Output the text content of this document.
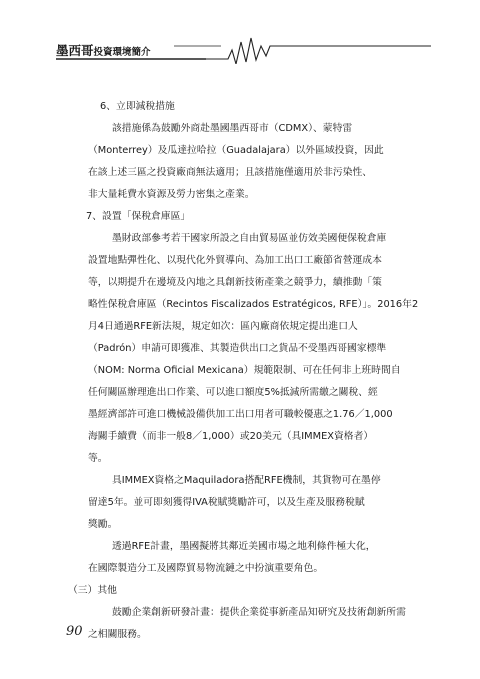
墨西哥投資環境簡介
6、立即減稅措施
該措施係為鼓勵外商赴墨國墨西哥市（CDMX）、蒙特雷
（Monterrey）及瓜達拉哈拉（Guadalajara）以外區域投資，因此
在該上述三區之投資廠商無法適用；且該措施僅適用於非污染性、
非大量耗費水資源及勞力密集之產業。
7、設置「保稅倉庫區」
墨財政部參考若干國家所設之自由貿易區並仿效美國便保稅倉庫
設置地點彈性化、以現代化外貿導向、為加工出口工廠節省營運成本
等，以期提升在邊境及內地之具創新技術產業之競爭力，續推動「策
略性保稅倉庫區（Recintos Fiscalizados Estratégicos, RFE）」。2016年2
月4日通過RFE新法規，規定如次：區內廠商依規定提出進口人
（Padrón）申請可即獲准、其製造供出口之貨品不受墨西哥國家標準
（NOM: Norma Oficial Mexicana）規範限制、可在任何非上班時間自
任何關區辦理進出口作業、可以進口額度5%抵減所需繳之關稅、經
墨經濟部許可進口機械設備供加工出口用者可職較優惠之1.76／1,000
海關手續費（而非一般8／1,000）或20美元（具IMMEX資格者）
等。
具IMMEX資格之Maquiladora搭配RFE機制，其貨物可在墨停
留達5年。並可即刻獲得IVA稅賦獎勵許可，以及生產及服務稅賦
獎勵。
透過RFE計畫，墨國擬將其鄰近美國市場之地利條件極大化，
在國際製造分工及國際貿易物流鏈之中扮演重要角色。
（三）其他
鼓勵企業創新研發計畫：提供企業從事新產品知研究及技術創新所需
之相關服務。
90
